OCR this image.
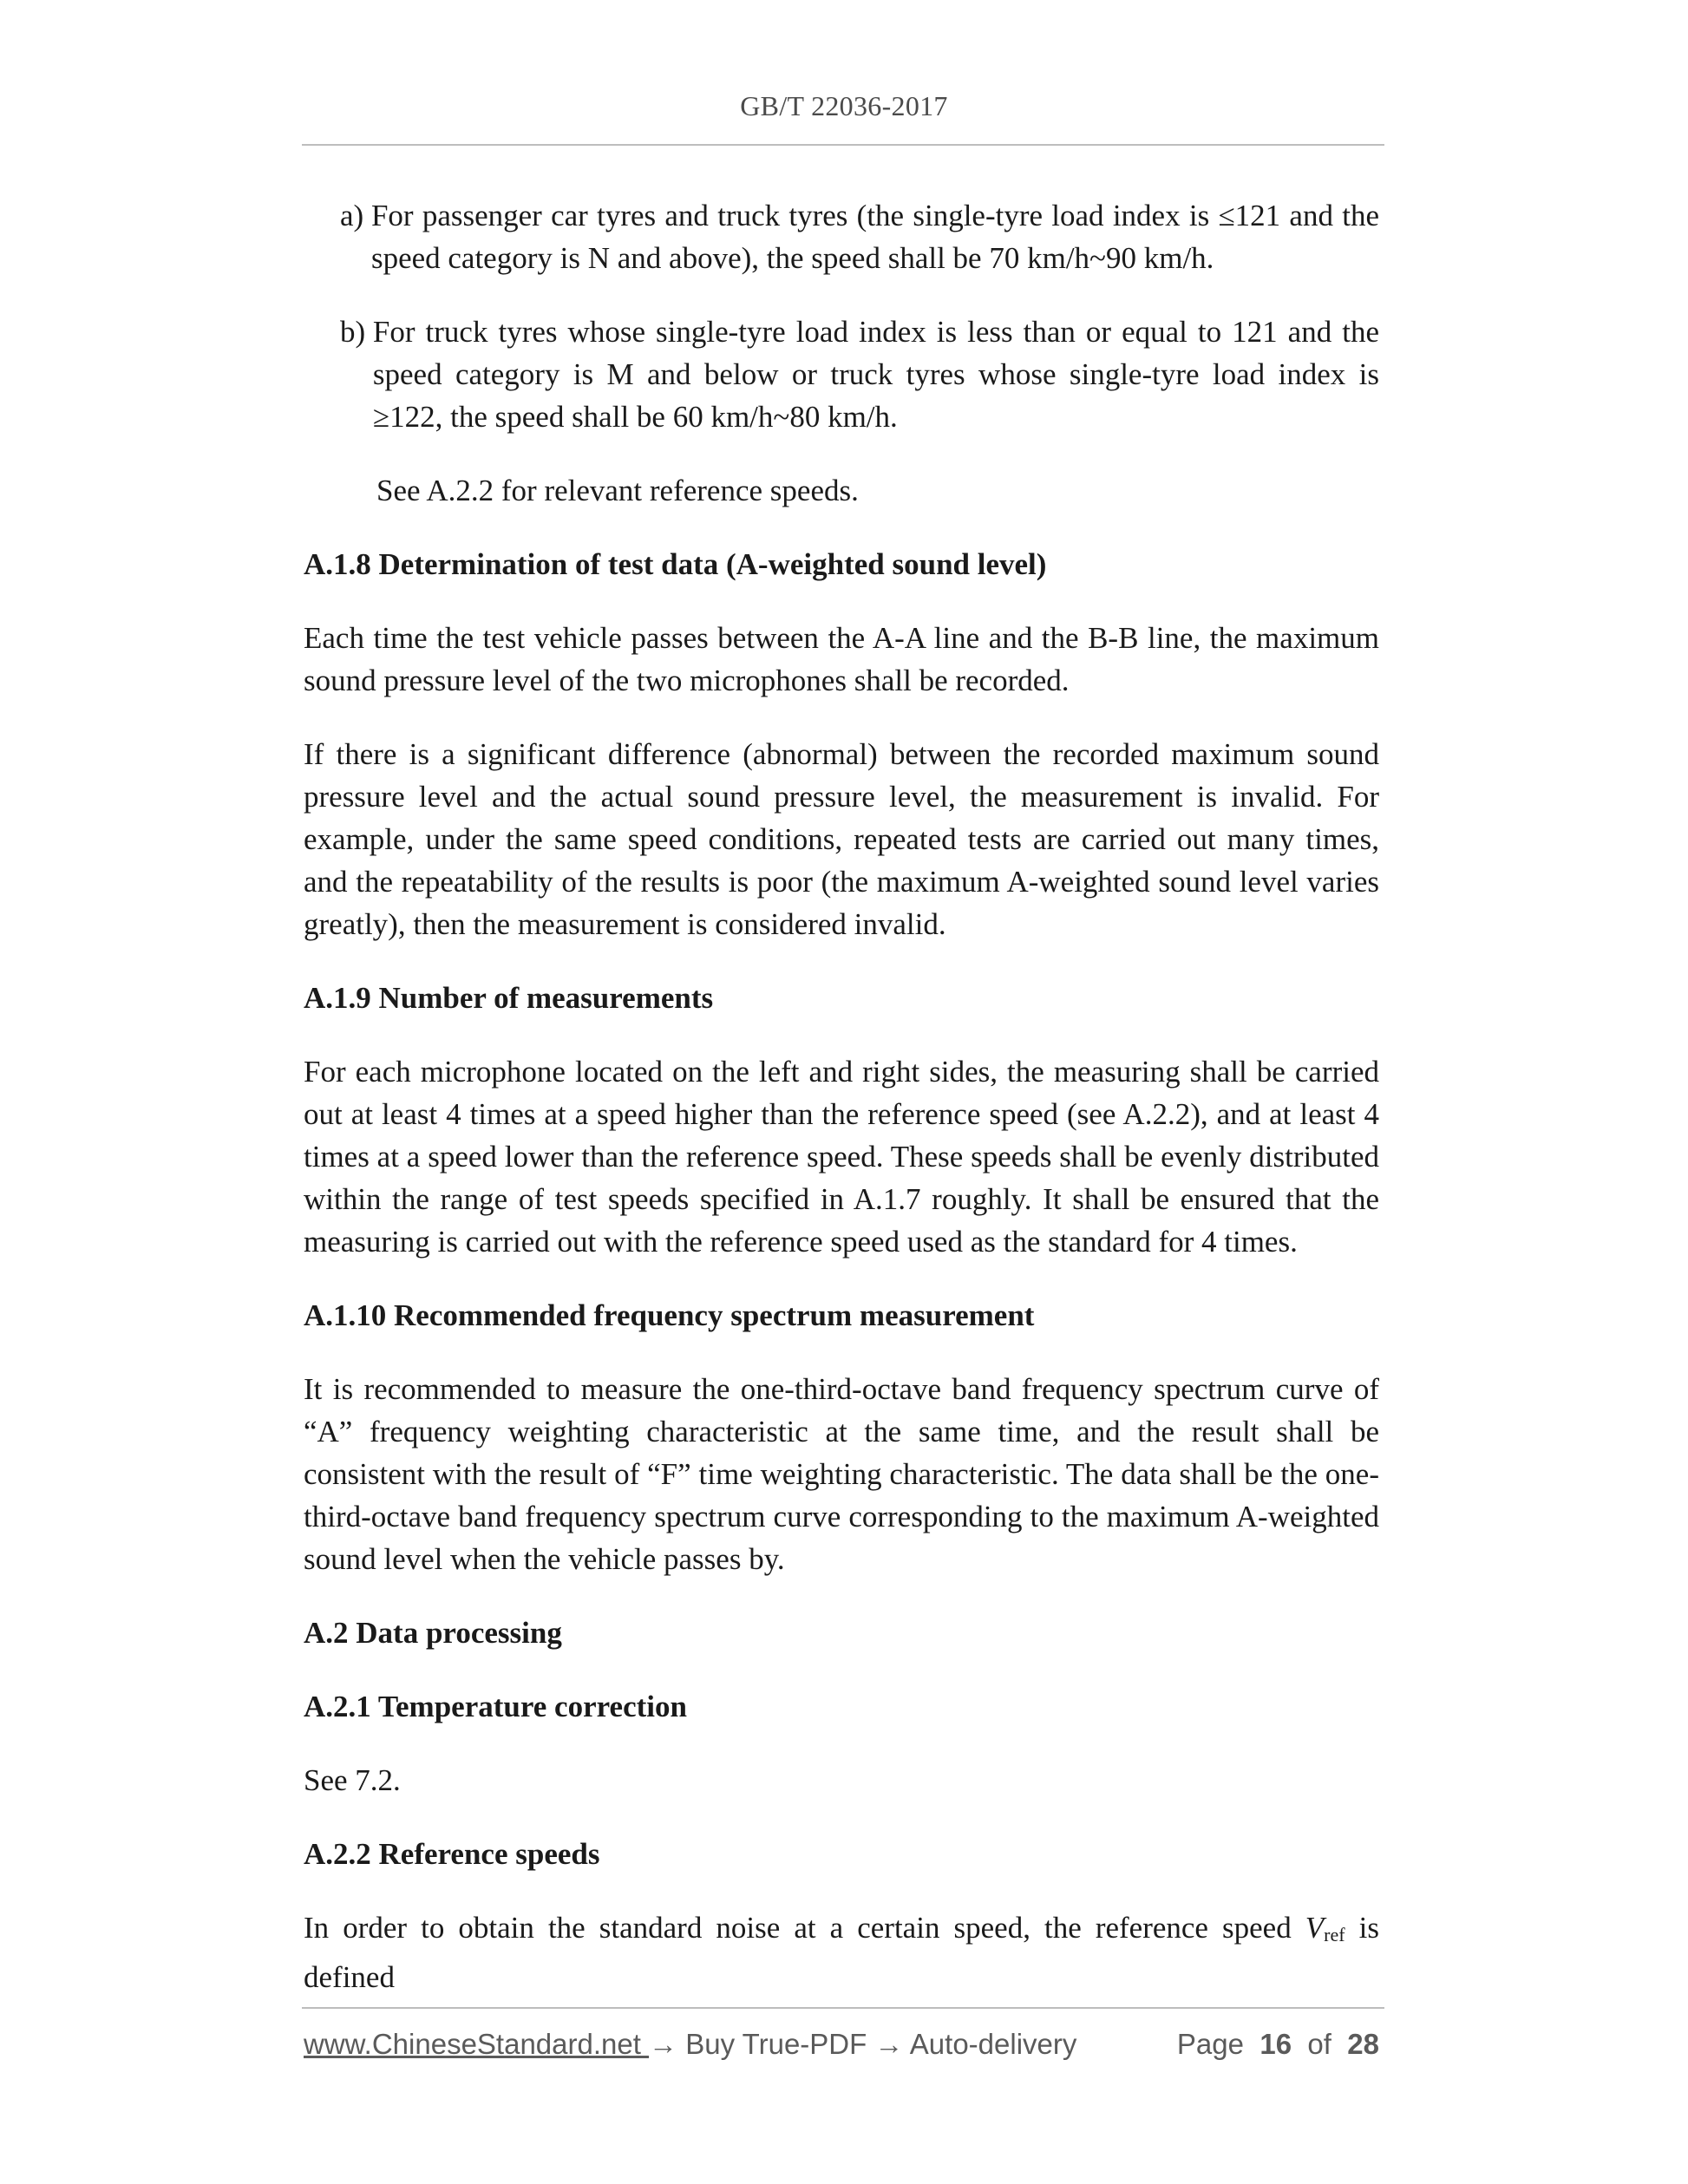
GB/T 22036-2017
a) For passenger car tyres and truck tyres (the single-tyre load index is ≤121 and the speed category is N and above), the speed shall be 70 km/h~90 km/h.
b) For truck tyres whose single-tyre load index is less than or equal to 121 and the speed category is M and below or truck tyres whose single-tyre load index is ≥122, the speed shall be 60 km/h~80 km/h.
See A.2.2 for relevant reference speeds.
A.1.8 Determination of test data (A-weighted sound level)
Each time the test vehicle passes between the A-A line and the B-B line, the maximum sound pressure level of the two microphones shall be recorded.
If there is a significant difference (abnormal) between the recorded maximum sound pressure level and the actual sound pressure level, the measurement is invalid. For example, under the same speed conditions, repeated tests are carried out many times, and the repeatability of the results is poor (the maximum A-weighted sound level varies greatly), then the measurement is considered invalid.
A.1.9 Number of measurements
For each microphone located on the left and right sides, the measuring shall be carried out at least 4 times at a speed higher than the reference speed (see A.2.2), and at least 4 times at a speed lower than the reference speed. These speeds shall be evenly distributed within the range of test speeds specified in A.1.7 roughly. It shall be ensured that the measuring is carried out with the reference speed used as the standard for 4 times.
A.1.10 Recommended frequency spectrum measurement
It is recommended to measure the one-third-octave band frequency spectrum curve of “A” frequency weighting characteristic at the same time, and the result shall be consistent with the result of “F” time weighting characteristic. The data shall be the one-third-octave band frequency spectrum curve corresponding to the maximum A-weighted sound level when the vehicle passes by.
A.2 Data processing
A.2.1 Temperature correction
See 7.2.
A.2.2 Reference speeds
In order to obtain the standard noise at a certain speed, the reference speed Vref is defined
www.ChineseStandard.net → Buy True-PDF → Auto-delivery	Page 16 of 28
